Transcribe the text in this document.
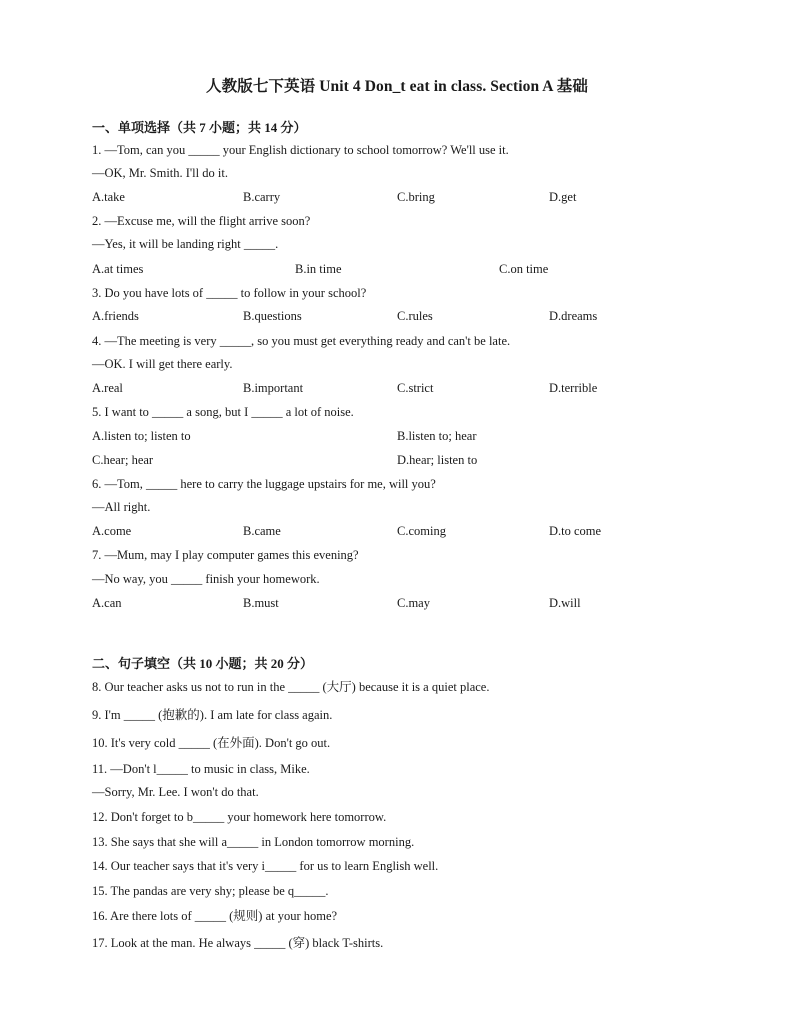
人教版七下英语 Unit 4 Don_t eat in class. Section A 基础
一、单项选择（共 7 小题；共 14 分）
1. —Tom, can you _____ your English dictionary to school tomorrow? We'll use it.
—OK, Mr. Smith. I'll do it.
A.take	B.carry	C.bring	D.get
2. —Excuse me, will the flight arrive soon?
—Yes, it will be landing right _____.
A.at times	B.in time	C.on time
3. Do you have lots of _____ to follow in your school?
A.friends	B.questions	C.rules	D.dreams
4. —The meeting is very _____, so you must get everything ready and can't be late.
—OK. I will get there early.
A.real	B.important	C.strict	D.terrible
5. I want to _____ a song, but I _____ a lot of noise.
A.listen to; listen to	B.listen to; hear
C.hear; hear	D.hear; listen to
6. —Tom, _____ here to carry the luggage upstairs for me, will you?
—All right.
A.come	B.came	C.coming	D.to come
7. —Mum, may I play computer games this evening?
—No way, you _____ finish your homework.
A.can	B.must	C.may	D.will
二、句子填空（共 10 小题；共 20 分）
8. Our teacher asks us not to run in the _____ (大厅) because it is a quiet place.
9. I'm _____ (抱歉的). I am late for class again.
10. It's very cold _____ (在外面). Don't go out.
11. —Don't l_____ to music in class, Mike.
—Sorry, Mr. Lee. I won't do that.
12. Don't forget to b_____ your homework here tomorrow.
13. She says that she will a_____ in London tomorrow morning.
14. Our teacher says that it's very i_____ for us to learn English well.
15. The pandas are very shy; please be q_____.
16. Are there lots of _____ (规则) at your home?
17. Look at the man. He always _____ (穿) black T-shirts.
